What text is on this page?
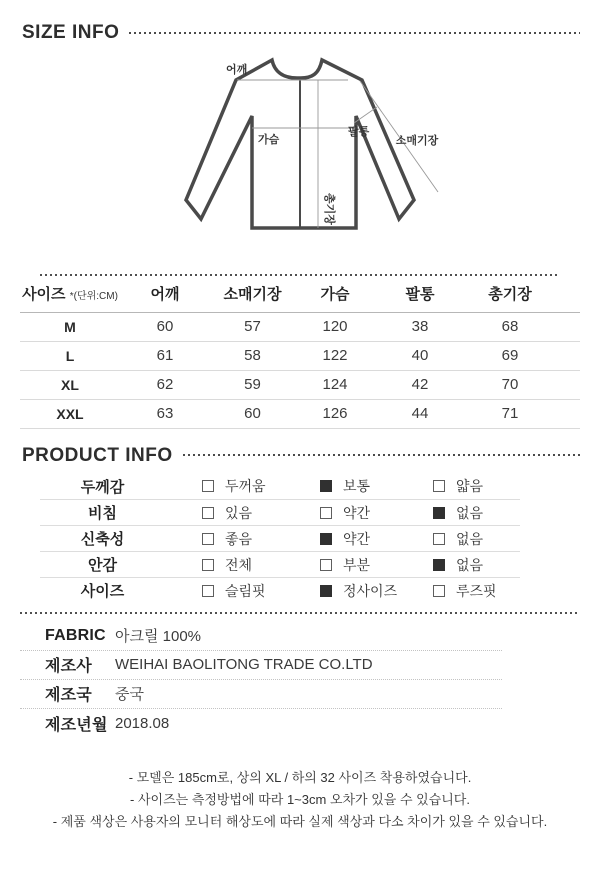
SIZE INFO
어깨
가슴
팔통
소매기장
총기장
사이즈 *(단위:CM)	어깨	소매기장	가슴	팔통	총기장
M	60	57	120	38	68
L	61	58	122	40	69
XL	62	59	124	42	70
XXL	63	60	126	44	71
PRODUCT INFO
두께감	두꺼움	보통	얇음
비침	있음	약간	없음
신축성	좋음	약간	없음
안감	전체	부분	없음
사이즈	슬림핏	정사이즈	루즈핏
FABRIC 아크릴 100%
제조사	WEIHAI BAOLITONG TRADE CO.LTD
제조국	중국
제조년월 2018.08
- 모델은 185cm로, 상의 XL / 하의 32 사이즈 착용하였습니다.
- 사이즈는 측정방법에 따라 1~3cm 오차가 있을 수 있습니다.
- 제품 색상은 사용자의 모니터 해상도에 따라 실제 색상과 다소 차이가 있을 수 있습니다.
